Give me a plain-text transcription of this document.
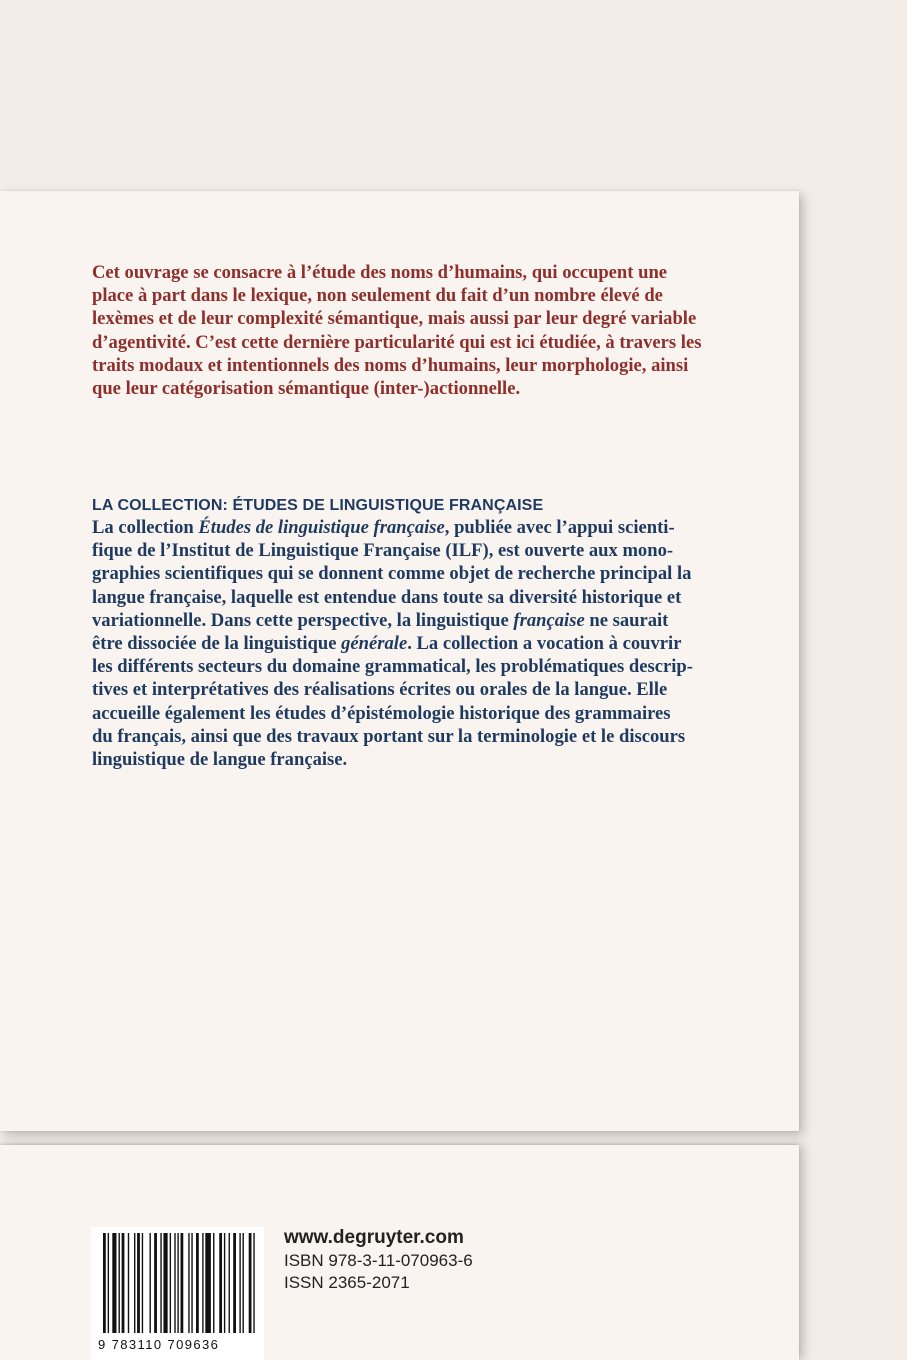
Cet ouvrage se consacre à l’étude des noms d’humains, qui occupent une
place à part dans le lexique, non seulement du fait d’un nombre élevé de
lexèmes et de leur complexité sémantique, mais aussi par leur degré variable
d’agentivité. C’est cette dernière particularité qui est ici étudiée, à travers les
traits modaux et intentionnels des noms d’humains, leur morphologie, ainsi
que leur catégorisation sémantique (inter-)actionnelle.
LA COLLECTION: ÉTUDES DE LINGUISTIQUE FRANÇAISE
La collection Études de linguistique française, publiée avec l’appui scienti-
fique de l’Institut de Linguistique Française (ILF), est ouverte aux mono-
graphies scientifiques qui se donnent comme objet de recherche principal la
langue française, laquelle est entendue dans toute sa diversité historique et
variationnelle. Dans cette perspective, la linguistique française ne saurait
être dissociée de la linguistique générale. La collection a vocation à couvrir
les différents secteurs du domaine grammatical, les problématiques descrip-
tives et interprétatives des réalisations écrites ou orales de la langue. Elle
accueille également les études d’épistémologie historique des grammaires
du français, ainsi que des travaux portant sur la terminologie et le discours
linguistique de langue française.
9 783110 709636
www.degruyter.com
ISBN 978-3-11-070963-6
ISSN 2365-2071
